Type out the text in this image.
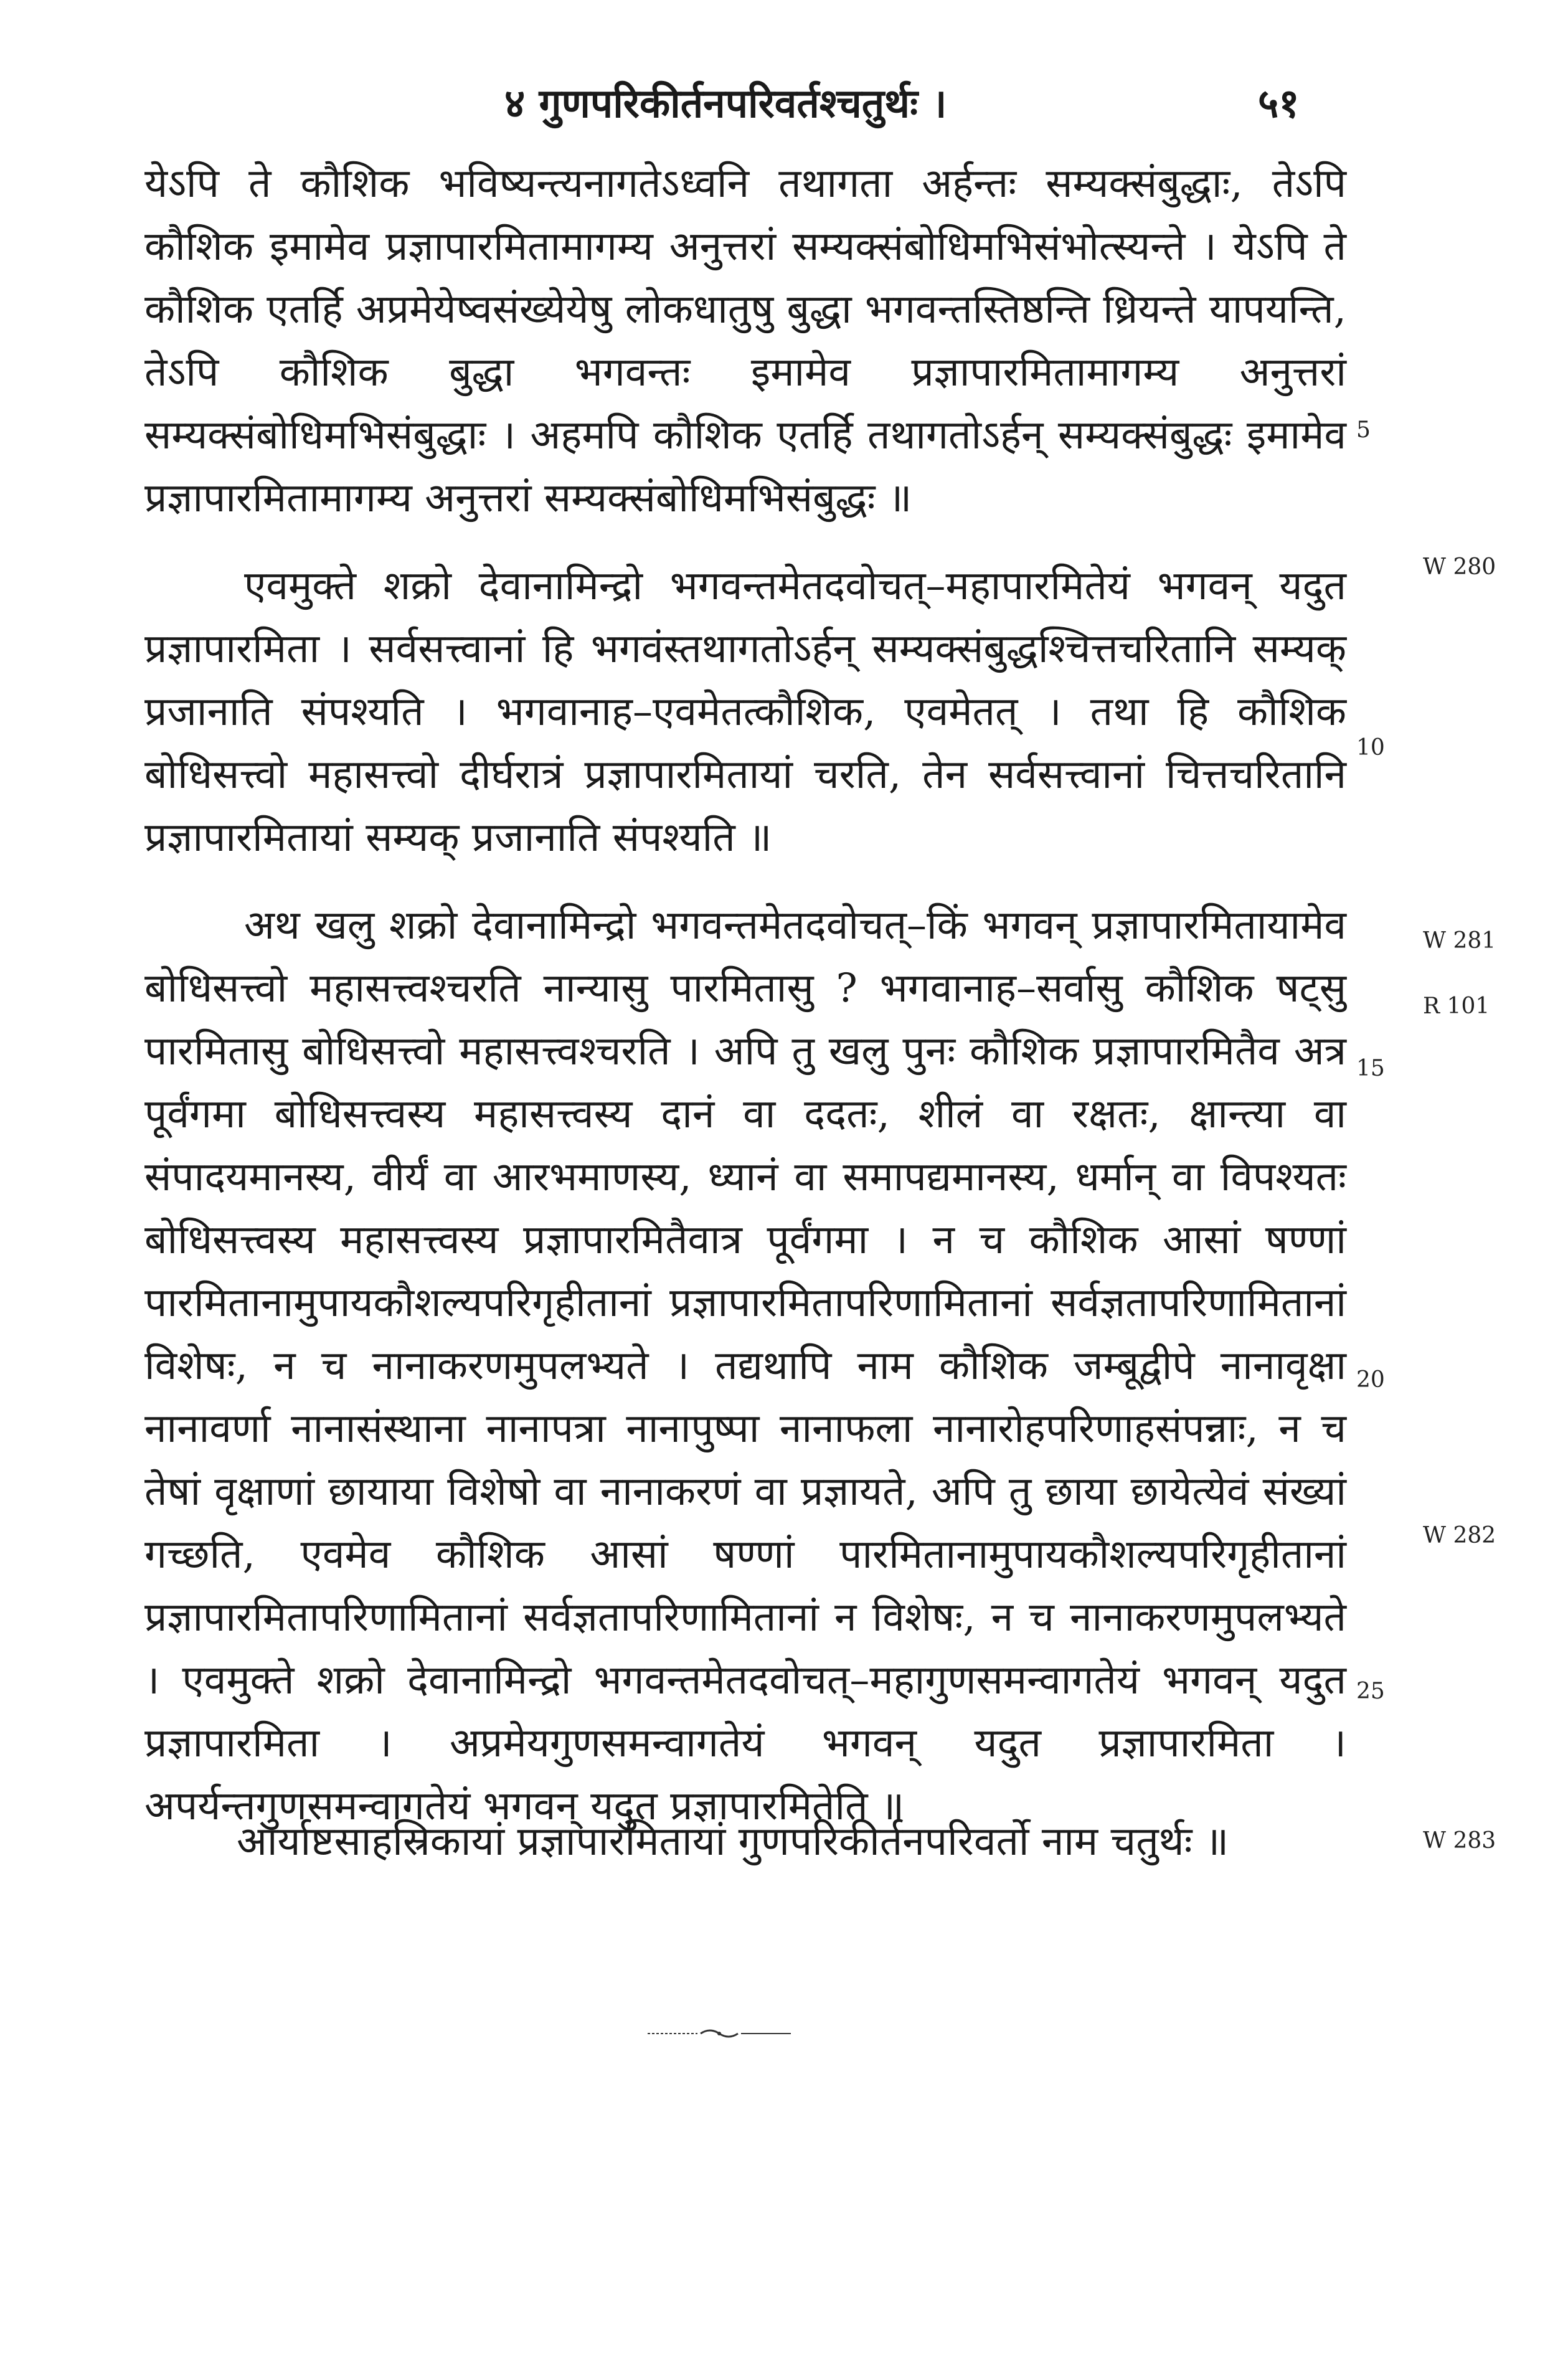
४ गुणपरिकीर्तनपरिवर्तश्चतुर्थः ।	५१

येऽपि ते कौशिक भविष्यन्त्यनागतेऽध्वनि तथागता अर्हन्तः सम्यक्संबुद्धाः, तेऽपि कौशिक इमामेव प्रज्ञापारमितामागम्य अनुत्तरां सम्यक्संबोधिमभिसंभोत्स्यन्ते । येऽपि ते कौशिक एतर्हि अप्रमेयेष्वसंख्येयेषु लोकधातुषु बुद्धा भगवन्तस्तिष्ठन्ति ध्रियन्ते यापयन्ति, तेऽपि कौशिक बुद्धा भगवन्तः इमामेव प्रज्ञापारमितामागम्य अनुत्तरां सम्यक्संबोधिमभिसंबुद्धाः । अहमपि कौशिक एतर्हि तथागतोऽर्हन् सम्यक्संबुद्धः इमामेव प्रज्ञापारमितामागम्य अनुत्तरां सम्यक्संबोधिमभिसंबुद्धः ॥

एवमुक्ते शक्रो देवानामिन्द्रो भगवन्तमेतदवोचत्–महापारमितेयं भगवन् यदुत प्रज्ञापारमिता । सर्वसत्त्वानां हि भगवंस्तथागतोऽर्हन् सम्यक्संबुद्धश्चित्तचरितानि सम्यक् प्रजानाति संपश्यति । भगवानाह–एवमेतत्कौशिक, एवमेतत् । तथा हि कौशिक बोधिसत्त्वो महासत्त्वो दीर्घरात्रं प्रज्ञापारमितायां चरति, तेन सर्वसत्त्वानां चित्तचरितानि प्रज्ञापारमितायां सम्यक् प्रजानाति संपश्यति ॥

अथ खलु शक्रो देवानामिन्द्रो भगवन्तमेतदवोचत्–किं भगवन् प्रज्ञापारमितायामेव बोधिसत्त्वो महासत्त्वश्चरति नान्यासु पारमितासु ? भगवानाह–सर्वासु कौशिक षट्सु पारमितासु बोधिसत्त्वो महासत्त्वश्चरति । अपि तु खलु पुनः कौशिक प्रज्ञापारमितैव अत्र पूर्वंगमा बोधिसत्त्वस्य महासत्त्वस्य दानं वा ददतः, शीलं वा रक्षतः, क्षान्त्या वा संपादयमानस्य, वीर्यं वा आरभमाणस्य, ध्यानं वा समापद्यमानस्य, धर्मान् वा विपश्यतः बोधिसत्त्वस्य महासत्त्वस्य प्रज्ञापारमितैवात्र पूर्वंगमा । न च कौशिक आसां षण्णां पारमितानामुपायकौशल्यपरिगृहीतानां प्रज्ञापारमितापरिणामितानां सर्वज्ञतापरिणामितानां विशेषः, न च नानाकरणमुपलभ्यते । तद्यथापि नाम कौशिक जम्बूद्वीपे नानावृक्षा नानावर्णा नानासंस्थाना नानापत्रा नानापुष्पा नानाफला नानारोहपरिणाहसंपन्नाः, न च तेषां वृक्षाणां छायाया विशेषो वा नानाकरणं वा प्रज्ञायते, अपि तु छाया छायेत्येवं संख्यां गच्छति, एवमेव कौशिक आसां षण्णां पारमितानामुपायकौशल्यपरिगृहीतानां प्रज्ञापारमितापरिणामितानां सर्वज्ञतापरिणामितानां न विशेषः, न च नानाकरणमुपलभ्यते । एवमुक्ते शक्रो देवानामिन्द्रो भगवन्तमेतदवोचत्–महागुणसमन्वागतेयं भगवन् यदुत प्रज्ञापारमिता । अप्रमेयगुणसमन्वागतेयं भगवन् यदुत प्रज्ञापारमिता । अपर्यन्तगुणसमन्वागतेयं भगवन् यदुत प्रज्ञापारमितेति ॥

आर्याष्टसाहस्रिकायां प्रज्ञापारमितायां गुणपरिकीर्तनपरिवर्तो नाम चतुर्थः ॥

5
10
15
20
25
W 280
W 281
R 101
W 282
W 283
